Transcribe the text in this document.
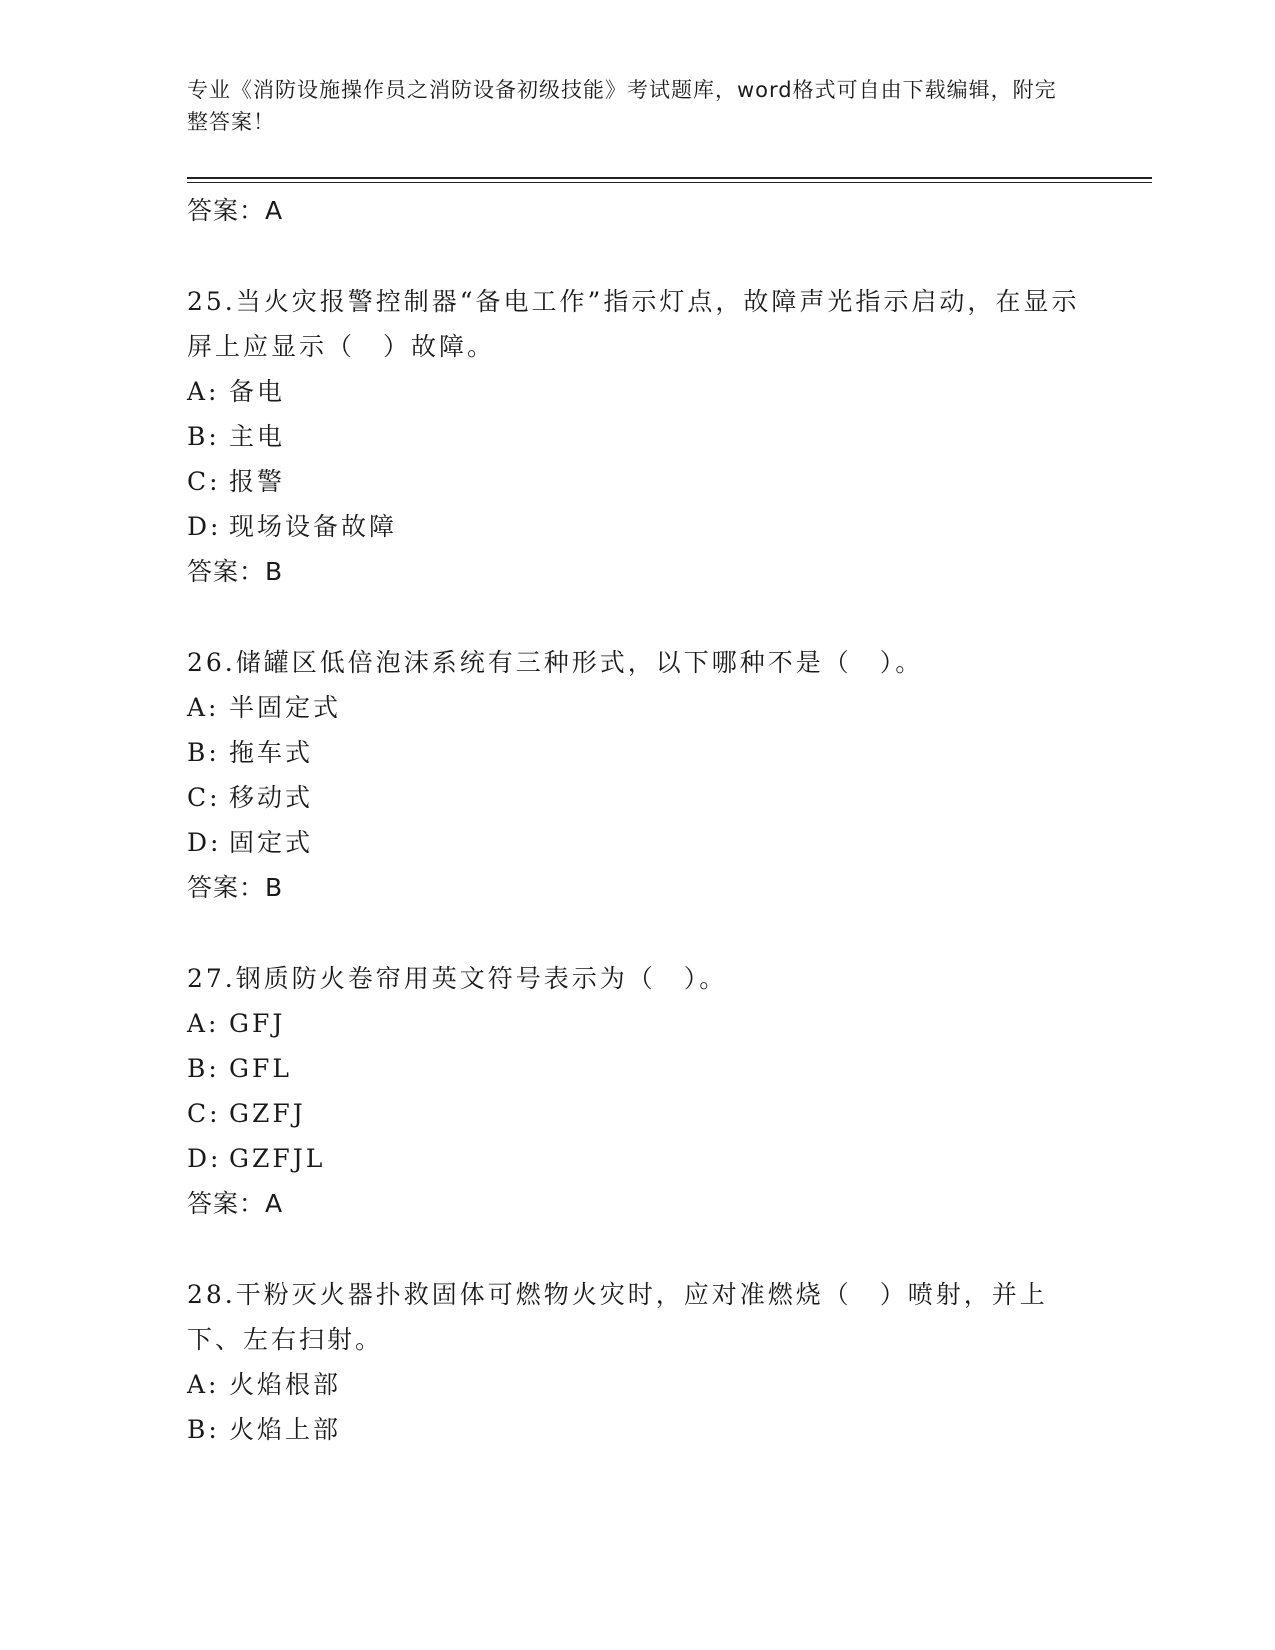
专业《消防设施操作员之消防设备初级技能》考试题库，word格式可自由下载编辑，附完整答案！
答案：A
25.当火灾报警控制器“备电工作”指示灯点，故障声光指示启动，在显示屏上应显示（　）故障。
A: 备电
B: 主电
C: 报警
D: 现场设备故障
答案：B
26.储罐区低倍泡沫系统有三种形式，以下哪种不是（　）。
A: 半固定式
B: 拖车式
C: 移动式
D: 固定式
答案：B
27.钢质防火卷帘用英文符号表示为（　）。
A: GFJ
B: GFL
C: GZFJ
D: GZFJL
答案：A
28.干粉灭火器扑救固体可燃物火灾时，应对准燃烧（　）喷射，并上下、左右扫射。
A: 火焰根部
B: 火焰上部
